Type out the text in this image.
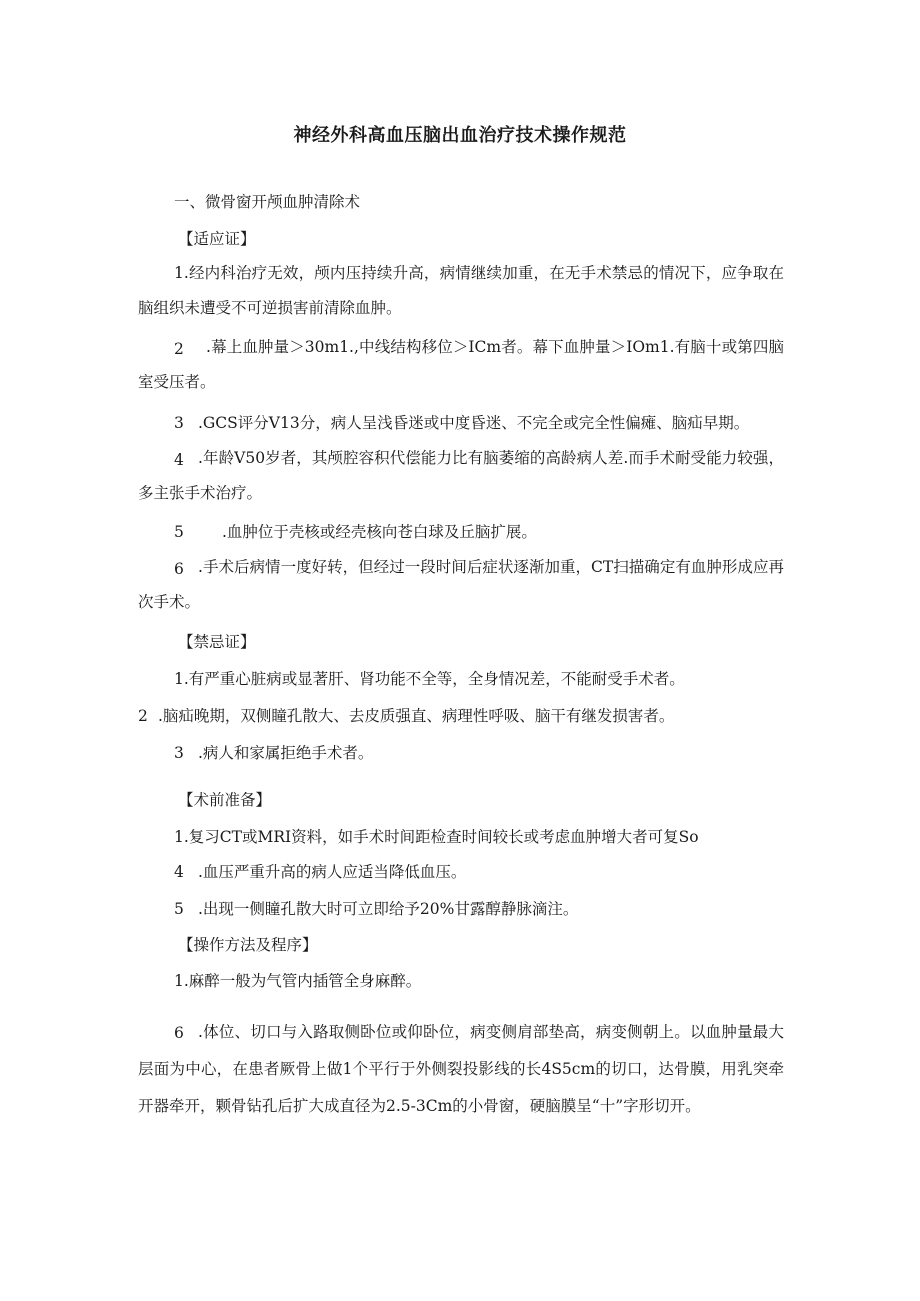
神经外科高血压脑出血治疗技术操作规范
一、微骨窗开颅血肿清除术
【适应证】
1.经内科治疗无效，颅内压持续升高，病情继续加重，在无手术禁忌的情况下，应争取在脑组织未遭受不可逆损害前清除血肿。
2	.幕上血肿量＞30m1.,中线结构移位＞ICm者。幕下血肿量＞IOm1.有脑十或第四脑室受压者。
3 .GCS评分V13分，病人呈浅昏迷或中度昏迷、不完全或完全性偏瘫、脑疝早期。
4 .年龄V50岁者，其颅腔容积代偿能力比有脑萎缩的高龄病人差.而手术耐受能力较强，多主张手术治疗。
5 .血肿位于壳核或经壳核向苍白球及丘脑扩展。
6 .手术后病情一度好转，但经过一段时间后症状逐渐加重，CT扫描确定有血肿形成应再次手术。
【禁忌证】
1.有严重心脏病或显著肝、肾功能不全等，全身情况差，不能耐受手术者。
2 .脑疝晚期，双侧瞳孔散大、去皮质强直、病理性呼吸、脑干有继发损害者。
3 .病人和家属拒绝手术者。
【术前准备】
1.复习CT或MRI资料，如手术时间距检查时间较长或考虑血肿增大者可复So
4 .血压严重升高的病人应适当降低血压。
5 .出现一侧瞳孔散大时可立即给予20%甘露醇静脉滴注。
【操作方法及程序】
1.麻醉一般为气管内插管全身麻醉。
6 .体位、切口与入路取侧卧位或仰卧位，病变侧肩部垫高，病变侧朝上。以血肿量最大层面为中心，在患者厥骨上做1个平行于外侧裂投影线的长4S5cm的切口，达骨膜，用乳突牵开器牵开，颗骨钻孔后扩大成直径为2.5-3Cm的小骨窗，硬脑膜呈“十”字形切开。
